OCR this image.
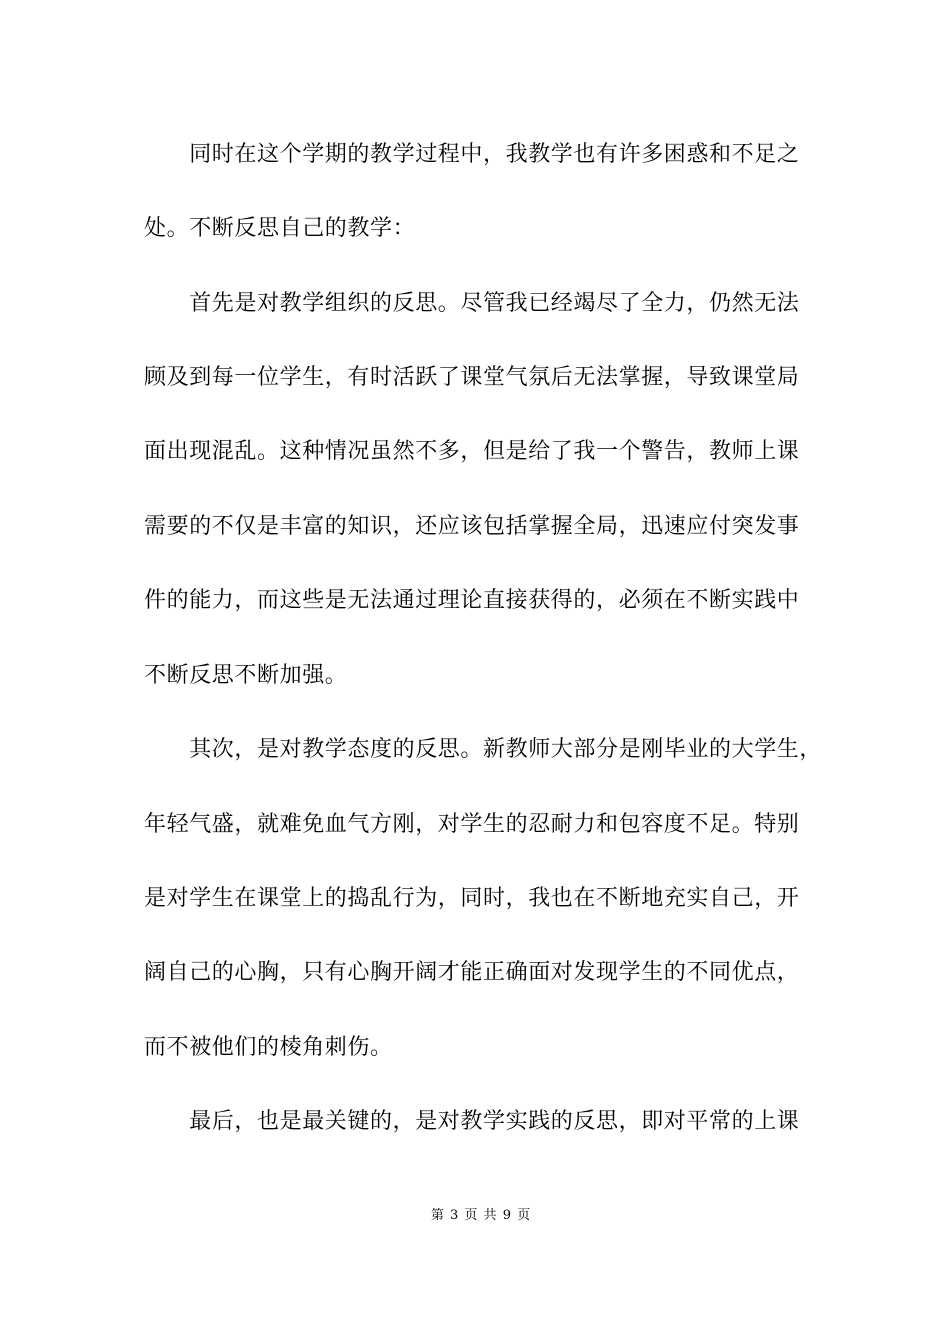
　　同时在这个学期的教学过程中，我教学也有许多困惑和不足之
处。不断反思自己的教学：
　　首先是对教学组织的反思。尽管我已经竭尽了全力，仍然无法
顾及到每一位学生，有时活跃了课堂气氛后无法掌握，导致课堂局
面出现混乱。这种情况虽然不多，但是给了我一个警告，教师上课
需要的不仅是丰富的知识，还应该包括掌握全局，迅速应付突发事
件的能力，而这些是无法通过理论直接获得的，必须在不断实践中
不断反思不断加强。
　　其次，是对教学态度的反思。新教师大部分是刚毕业的大学生，
年轻气盛，就难免血气方刚，对学生的忍耐力和包容度不足。特别
是对学生在课堂上的捣乱行为，同时，我也在不断地充实自己，开
阔自己的心胸，只有心胸开阔才能正确面对发现学生的不同优点，
而不被他们的棱角刺伤。
　　最后，也是最关键的，是对教学实践的反思，即对平常的上课
第 3 页 共 9 页
